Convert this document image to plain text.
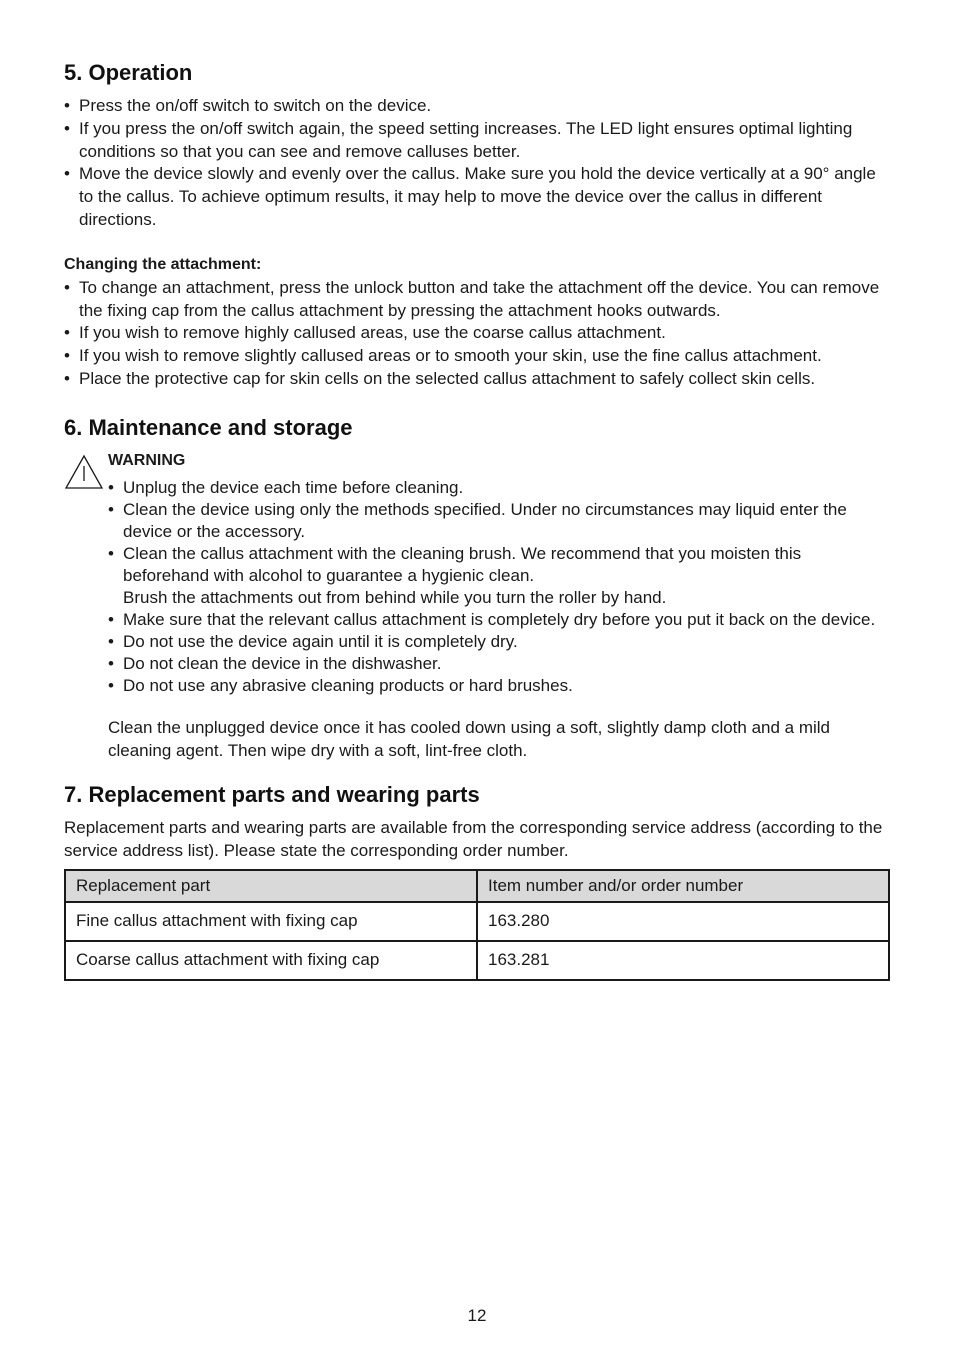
5. Operation
• Press the on/off switch to switch on the device.
• If you press the on/off switch again, the speed setting increases. The LED light ensures optimal lighting conditions so that you can see and remove calluses better.
• Move the device slowly and evenly over the callus. Make sure you hold the device vertically at a 90° angle to the callus. To achieve optimum results, it may help to move the device over the callus in different directions.
Changing the attachment:
• To change an attachment, press the unlock button and take the attachment off the device. You can remove the fixing cap from the callus attachment by pressing the attachment hooks outwards.
• If you wish to remove highly callused areas, use the coarse callus attachment.
• If you wish to remove slightly callused areas or to smooth your skin, use the fine callus attachment.
• Place the protective cap for skin cells on the selected callus attachment to safely collect skin cells.
6. Maintenance and storage
WARNING
• Unplug the device each time before cleaning.
• Clean the device using only the methods specified. Under no circumstances may liquid enter the device or the accessory.
• Clean the callus attachment with the cleaning brush. We recommend that you moisten this beforehand with alcohol to guarantee a hygienic clean.
Brush the attachments out from behind while you turn the roller by hand.
• Make sure that the relevant callus attachment is completely dry before you put it back on the device.
• Do not use the device again until it is completely dry.
• Do not clean the device in the dishwasher.
• Do not use any abrasive cleaning products or hard brushes.

Clean the unplugged device once it has cooled down using a soft, slightly damp cloth and a mild cleaning agent. Then wipe dry with a soft, lint-free cloth.

7. Replacement parts and wearing parts

Replacement parts and wearing parts are available from the corresponding service address (according to the service address list). Please state the corresponding order number.

Replacement part	Item number and/or order number
Fine callus attachment with fixing cap	163.280
Coarse callus attachment with fixing cap	163.281
12
